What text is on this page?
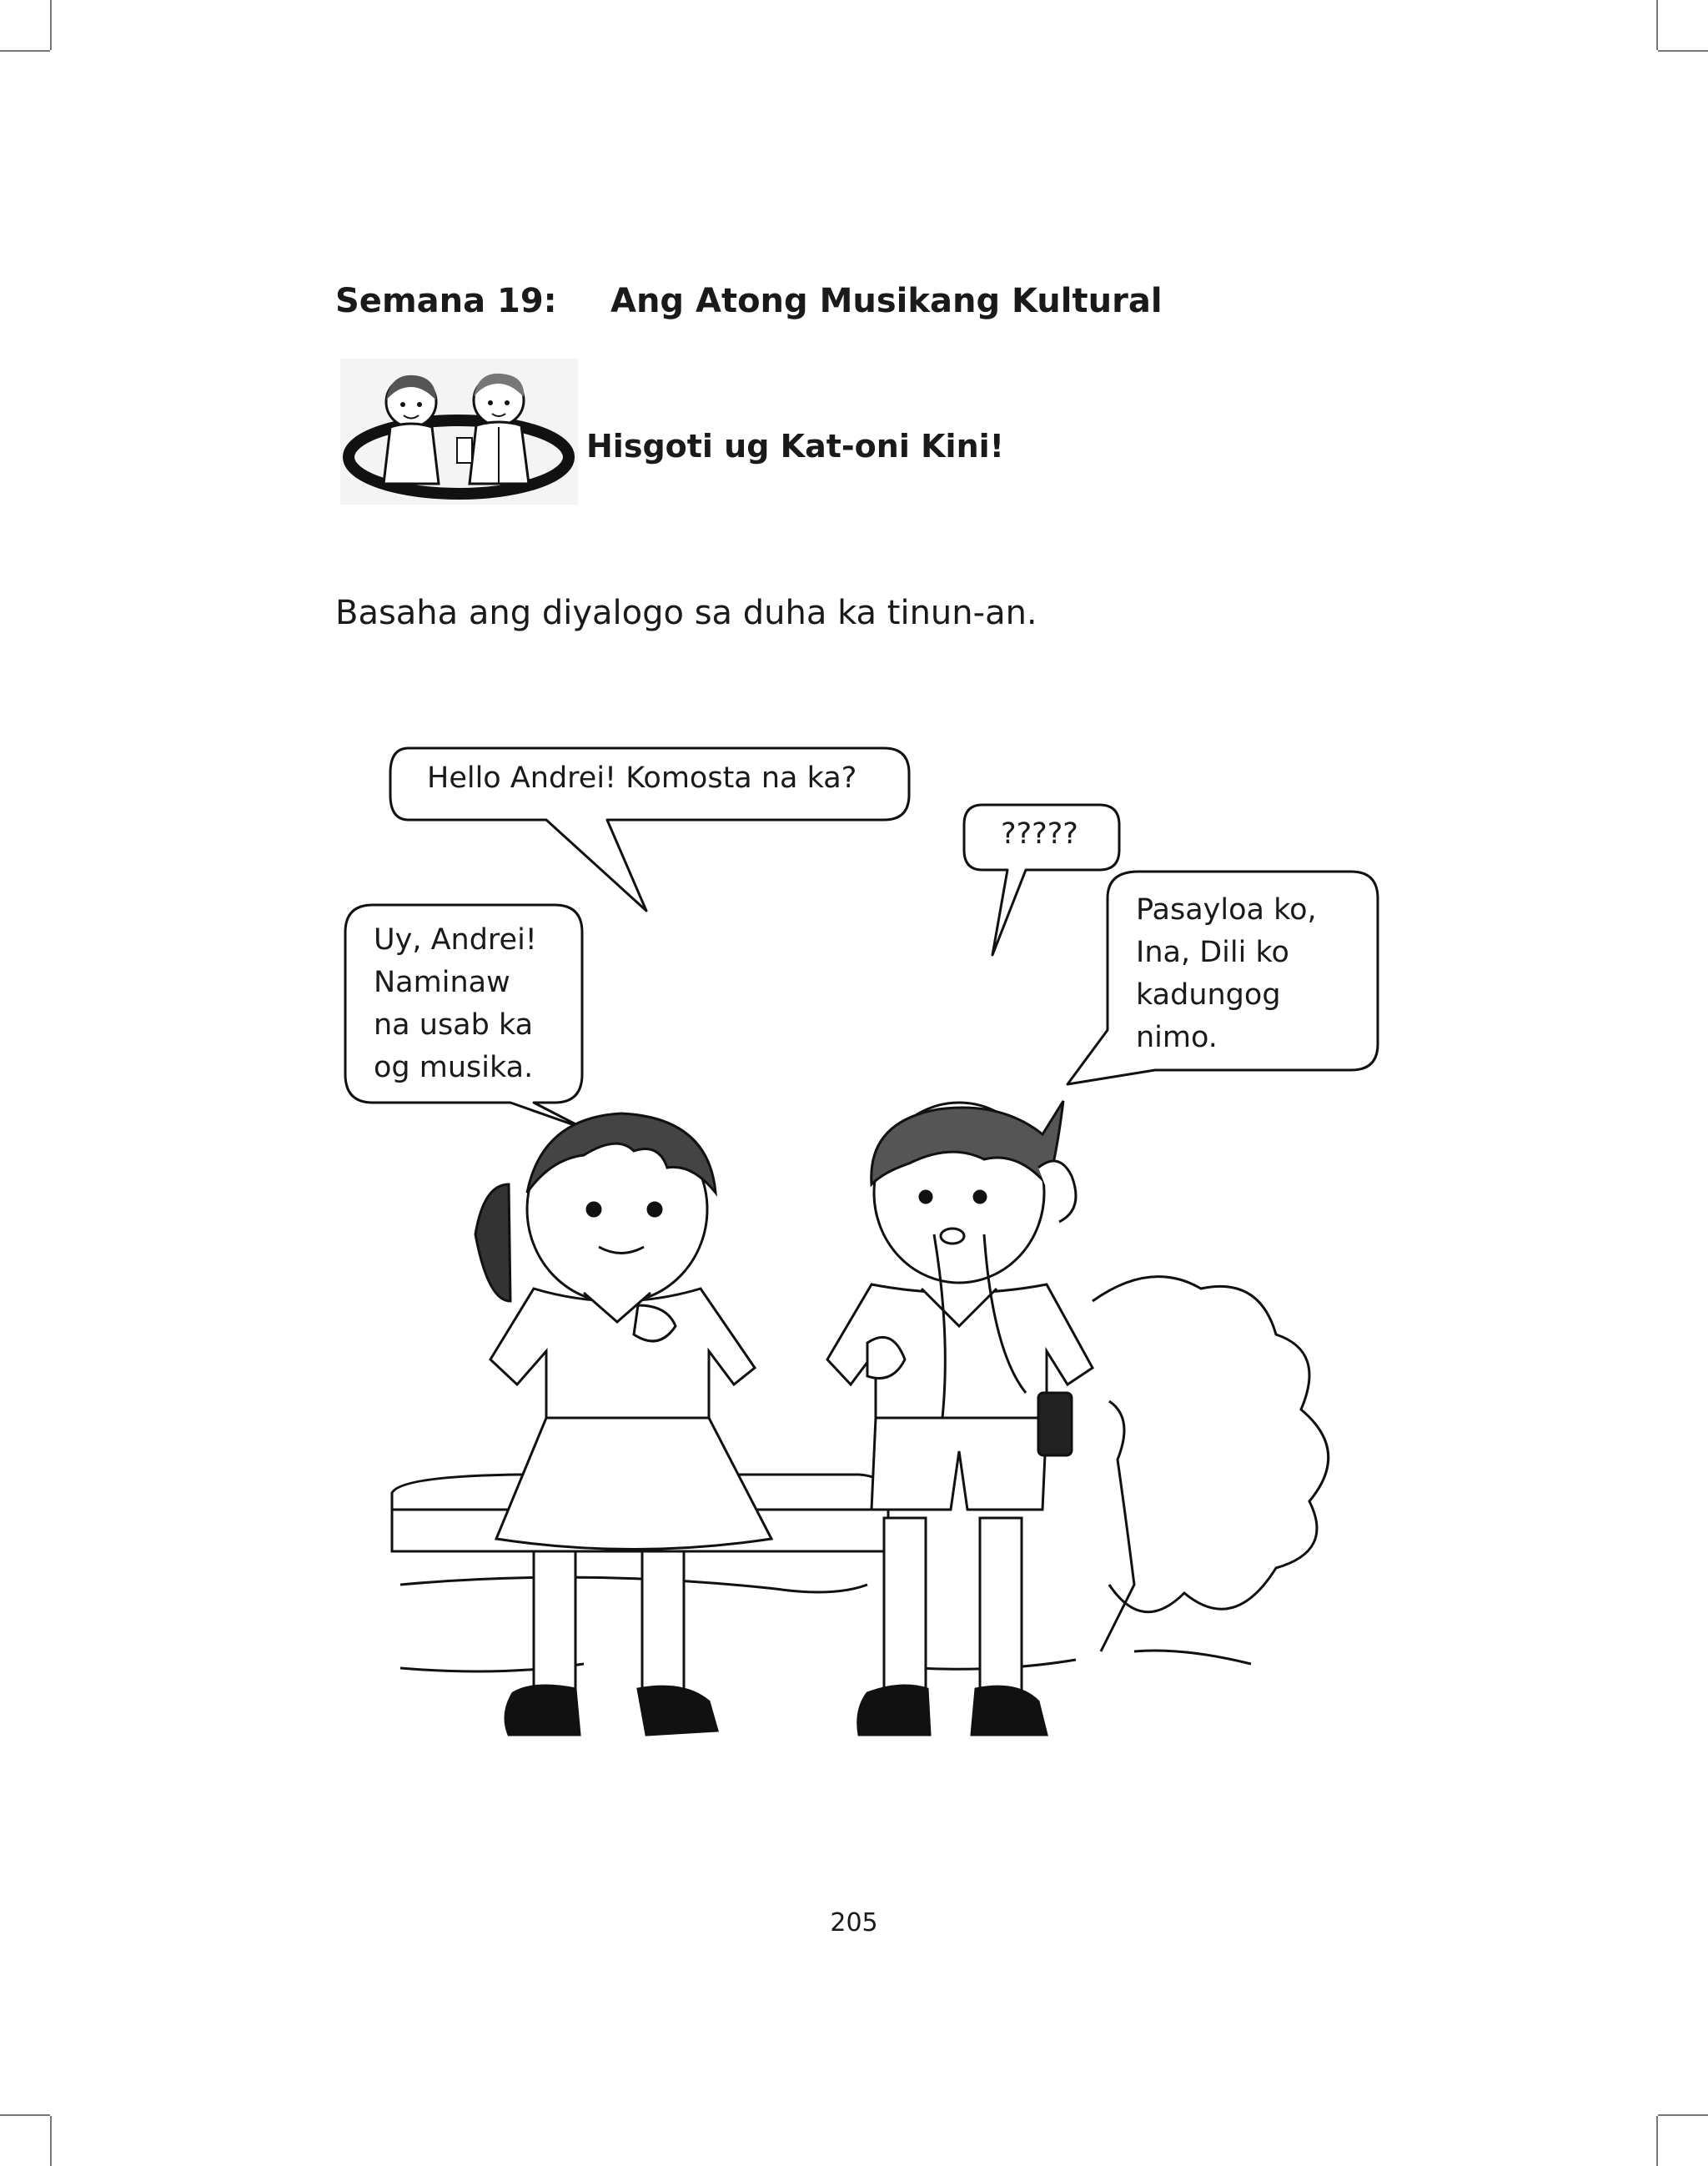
Semana 19: Ang Atong Musikang Kultural
Hisgoti ug Kat-oni Kini!
Basaha ang diyalogo sa duha ka tinun-an.
Hello Andrei! Komosta na ka?
?????
Uy, Andrei!
Naminaw
na usab ka
og musika.
Pasayloa ko,
Ina, Dili ko
kadungog
nimo.
205
